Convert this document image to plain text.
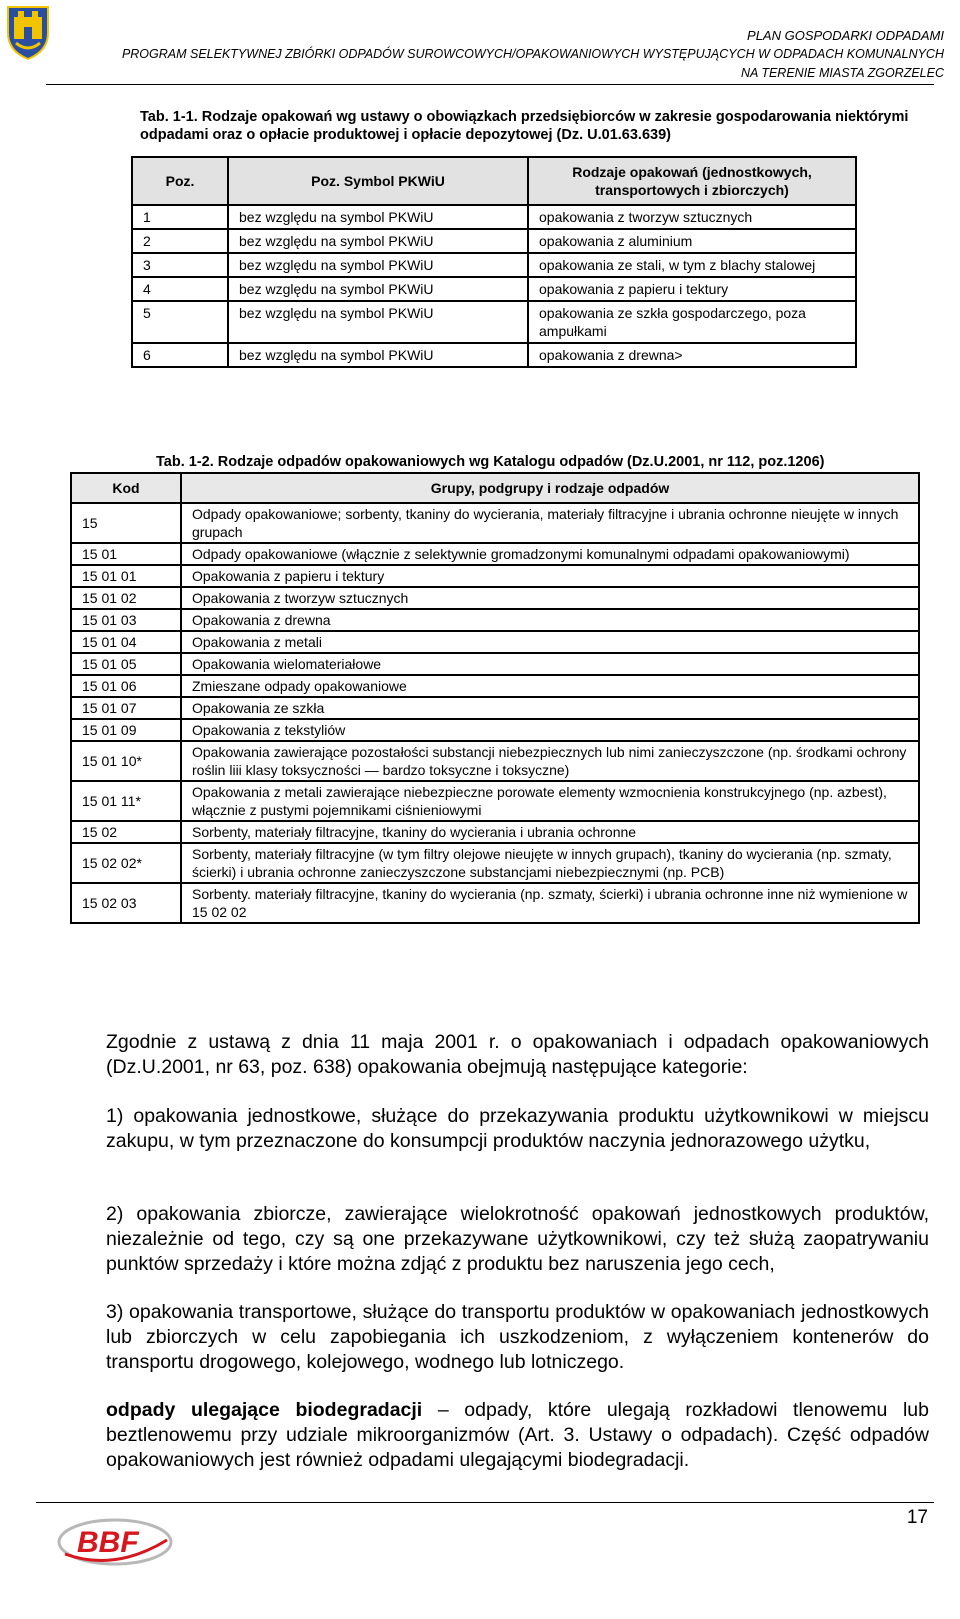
PLAN GOSPODARKI ODPADAMI
PROGRAM SELEKTYWNEJ ZBIÓRKI ODPADÓW SUROWCOWYCH/OPAKOWANIOWYCH WYSTĘPUJĄCYCH W ODPADACH KOMUNALNYCH
NA TERENIE MIASTA ZGORZELEC
Tab. 1-1. Rodzaje opakowań wg ustawy o obowiązkach przedsiębiorców w zakresie gospodarowania niektórymi odpadami oraz o opłacie produktowej i opłacie depozytowej (Dz. U.01.63.639)
Poz.	Poz. Symbol PKWiU	Rodzaje opakowań (jednostkowych, transportowych i zbiorczych)
1	bez względu na symbol PKWiU	opakowania z tworzyw sztucznych
2	bez względu na symbol PKWiU	opakowania z aluminium
3	bez względu na symbol PKWiU	opakowania ze stali, w tym z blachy stalowej
4	bez względu na symbol PKWiU	opakowania z papieru i tektury
5	bez względu na symbol PKWiU	opakowania ze szkła gospodarczego, poza ampułkami
6	bez względu na symbol PKWiU	opakowania z drewna>
Tab. 1-2. Rodzaje odpadów opakowaniowych wg Katalogu odpadów (Dz.U.2001, nr 112, poz.1206)
Kod	Grupy, podgrupy i rodzaje odpadów
15	Odpady opakowaniowe; sorbenty, tkaniny do wycierania, materiały filtracyjne i ubrania ochronne nieujęte w innych grupach
15 01	Odpady opakowaniowe (włącznie z selektywnie gromadzonymi komunalnymi odpadami opakowaniowymi)
15 01 01	Opakowania z papieru i tektury
15 01 02	Opakowania z tworzyw sztucznych
15 01 03	Opakowania z drewna
15 01 04	Opakowania z metali
15 01 05	Opakowania wielomateriałowe
15 01 06	Zmieszane odpady opakowaniowe
15 01 07	Opakowania ze szkła
15 01 09	Opakowania z tekstyliów
15 01 10*	Opakowania zawierające pozostałości substancji niebezpiecznych lub nimi zanieczyszczone (np. środkami ochrony roślin liii klasy toksyczności — bardzo toksyczne i toksyczne)
15 01 11*	Opakowania z metali zawierające niebezpieczne porowate elementy wzmocnienia konstrukcyjnego (np. azbest), włącznie z pustymi pojemnikami ciśnieniowymi
15 02	Sorbenty, materiały filtracyjne, tkaniny do wycierania i ubrania ochronne
15 02 02*	Sorbenty, materiały filtracyjne (w tym filtry olejowe nieujęte w innych grupach), tkaniny do wycierania (np. szmaty, ścierki) i ubrania ochronne zanieczyszczone substancjami niebezpiecznymi (np. PCB)
15 02 03	Sorbenty. materiały filtracyjne, tkaniny do wycierania (np. szmaty, ścierki) i ubrania ochronne inne niż wymienione w 15 02 02
Zgodnie z ustawą z dnia 11 maja 2001 r. o opakowaniach i odpadach opakowaniowych (Dz.U.2001, nr 63, poz. 638) opakowania obejmują następujące kategorie:
1) opakowania jednostkowe, służące do przekazywania produktu użytkownikowi w miejscu zakupu, w tym przeznaczone do konsumpcji produktów naczynia jednorazowego użytku,
2) opakowania zbiorcze, zawierające wielokrotność opakowań jednostkowych produktów, niezależnie od tego, czy są one przekazywane użytkownikowi, czy też służą zaopatrywaniu punktów sprzedaży i które można zdjąć z produktu bez naruszenia jego cech,
3) opakowania transportowe, służące do transportu produktów w opakowaniach jednostkowych lub zbiorczych w celu zapobiegania ich uszkodzeniom, z wyłączeniem kontenerów do transportu drogowego, kolejowego, wodnego lub lotniczego.
odpady ulegające biodegradacji – odpady, które ulegają rozkładowi tlenowemu lub beztlenowemu przy udziale mikroorganizmów (Art. 3. Ustawy o odpadach). Część odpadów opakowaniowych jest również odpadami ulegającymi biodegradacji.
BBF
17
